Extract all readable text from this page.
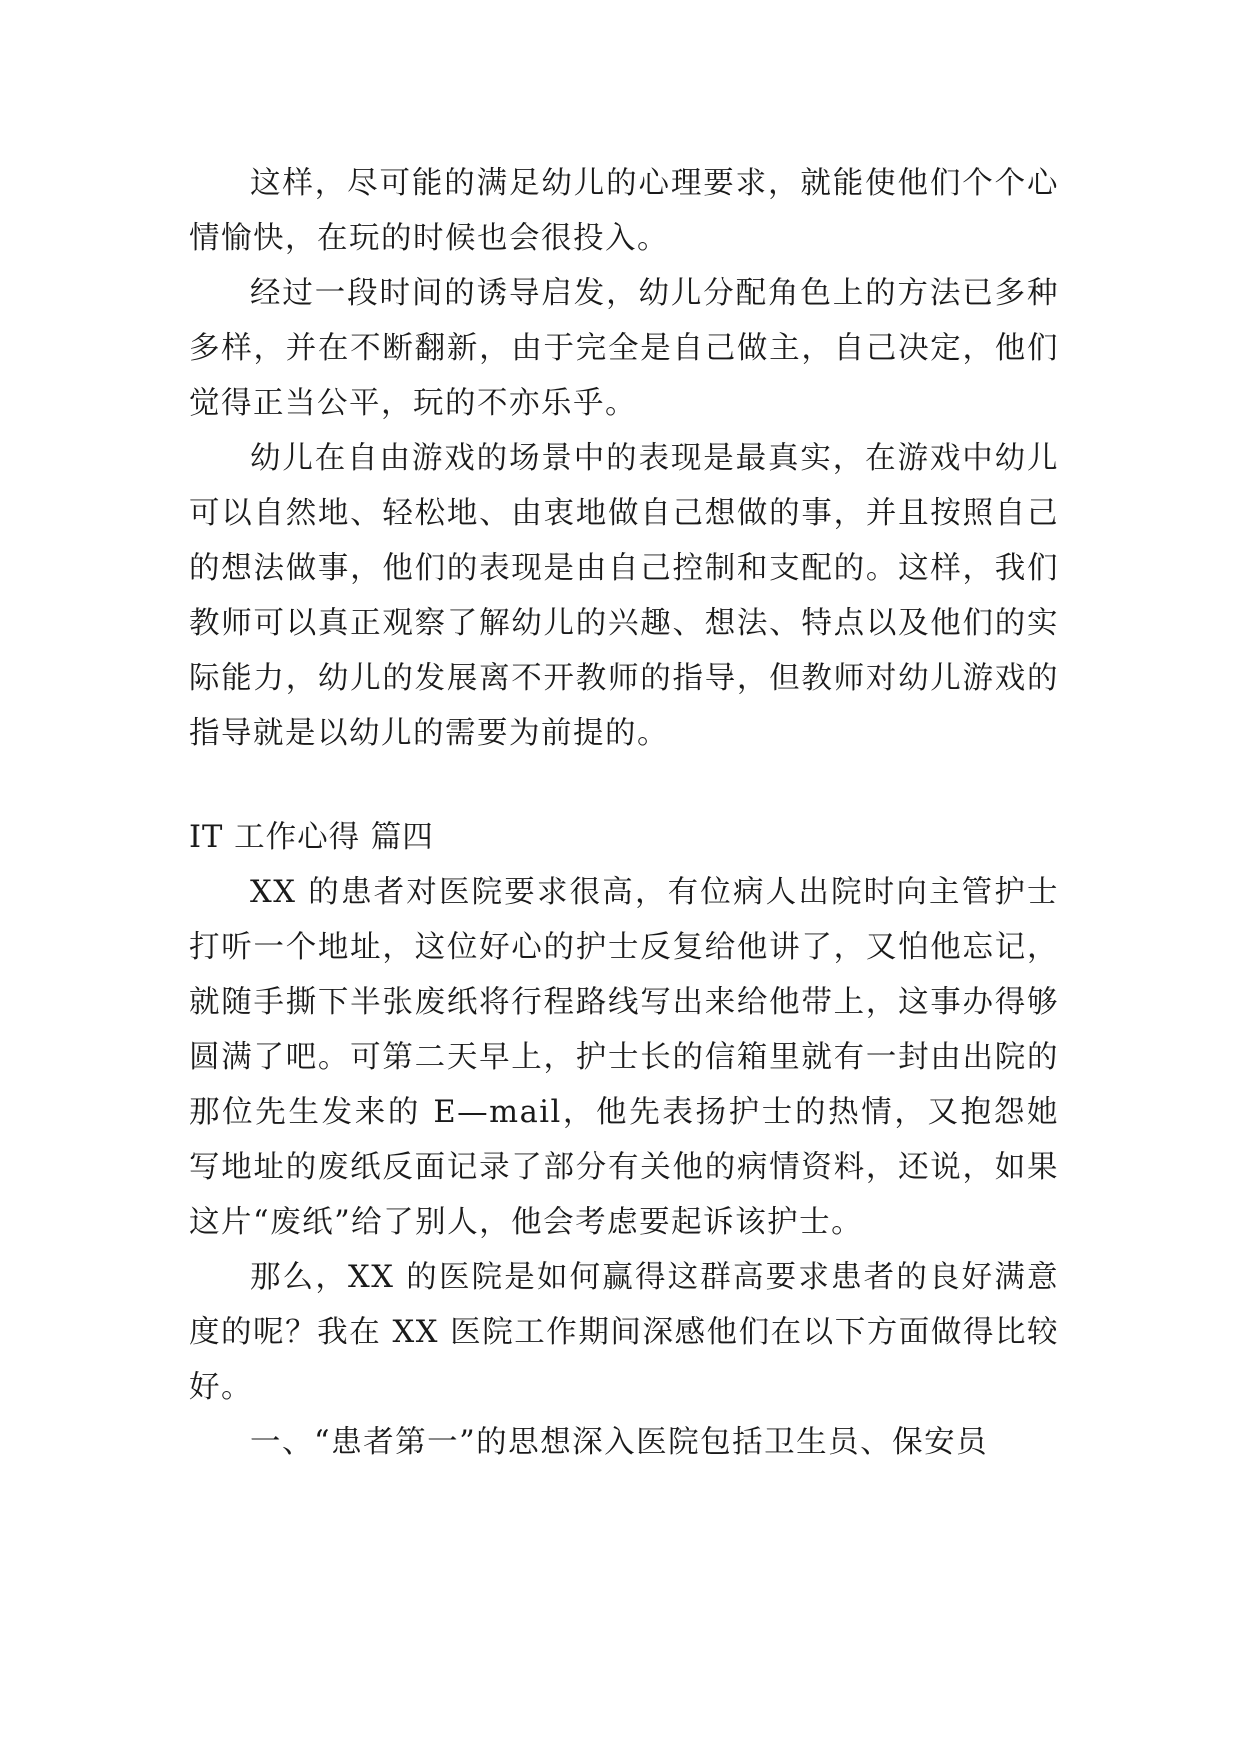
这样，尽可能的满足幼儿的心理要求，就能使他们个个心情愉快，在玩的时候也会很投入。

经过一段时间的诱导启发，幼儿分配角色上的方法已多种多样，并在不断翻新，由于完全是自己做主，自己决定，他们觉得正当公平，玩的不亦乐乎。

幼儿在自由游戏的场景中的表现是最真实，在游戏中幼儿可以自然地、轻松地、由衷地做自己想做的事，并且按照自己的想法做事，他们的表现是由自己控制和支配的。这样，我们教师可以真正观察了解幼儿的兴趣、想法、特点以及他们的实际能力，幼儿的发展离不开教师的指导，但教师对幼儿游戏的指导就是以幼儿的需要为前提的。

IT 工作心得 篇四

XX 的患者对医院要求很高，有位病人出院时向主管护士打听一个地址，这位好心的护士反复给他讲了，又怕他忘记，就随手撕下半张废纸将行程路线写出来给他带上，这事办得够圆满了吧。可第二天早上，护士长的信箱里就有一封由出院的那位先生发来的 E—mail，他先表扬护士的热情，又抱怨她写地址的废纸反面记录了部分有关他的病情资料，还说，如果这片“废纸”给了别人，他会考虑要起诉该护士。

那么，XX 的医院是如何赢得这群高要求患者的良好满意度的呢？我在 XX 医院工作期间深感他们在以下方面做得比较好。

一、“患者第一”的思想深入医院包括卫生员、保安员
